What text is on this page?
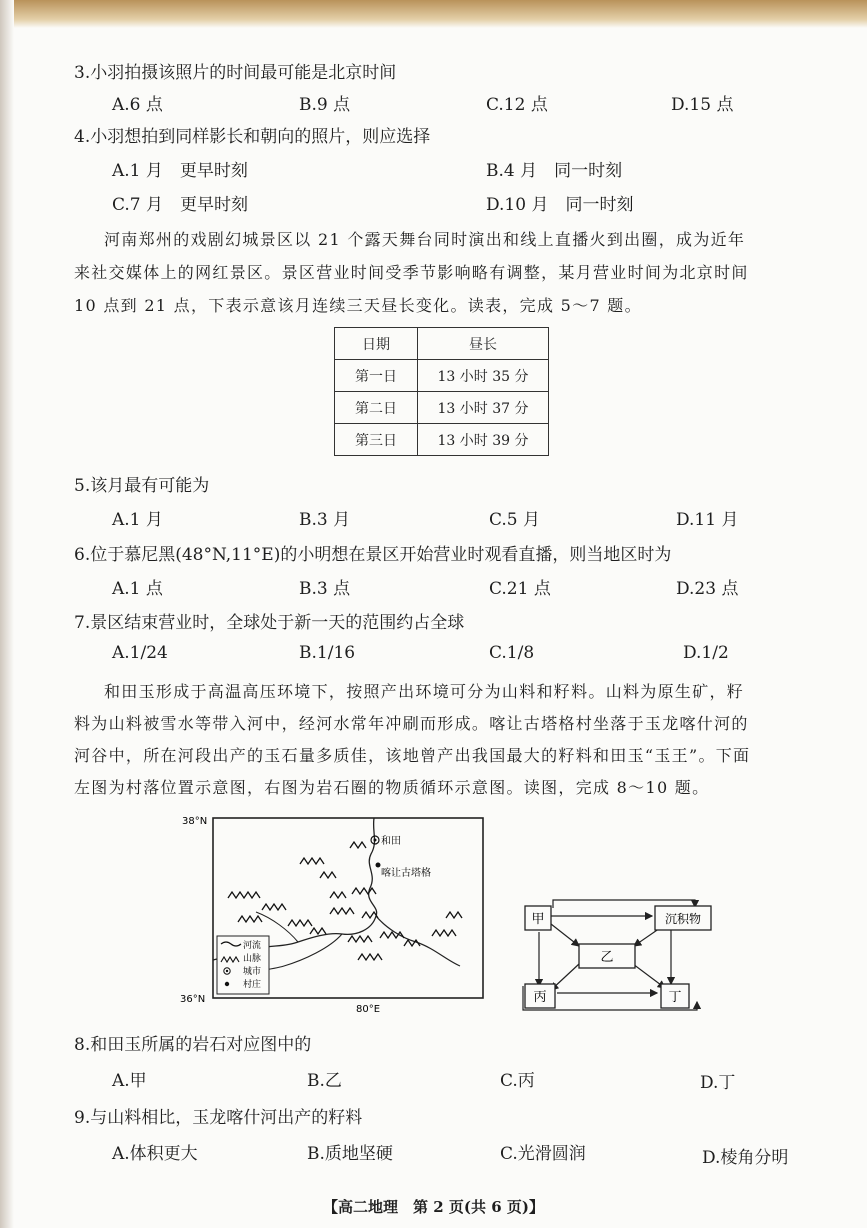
3.小羽拍摄该照片的时间最可能是北京时间
A.6 点	B.9 点	C.12 点	D.15 点
4.小羽想拍到同样影长和朝向的照片，则应选择
A.1 月　更早时刻	B.4 月　同一时刻
C.7 月　更早时刻	D.10 月　同一时刻
河南郑州的戏剧幻城景区以 21 个露天舞台同时演出和线上直播火到出圈，成为近年
来社交媒体上的网红景区。景区营业时间受季节影响略有调整，某月营业时间为北京时间
10 点到 21 点，下表示意该月连续三天昼长变化。读表，完成 5～7 题。
日期	昼长
第一日	13 小时 35 分
第二日	13 小时 37 分
第三日	13 小时 39 分
5.该月最有可能为
A.1 月	B.3 月	C.5 月	D.11 月
6.位于慕尼黑(48°N,11°E)的小明想在景区开始营业时观看直播，则当地区时为
A.1 点	B.3 点	C.21 点	D.23 点
7.景区结束营业时，全球处于新一天的范围约占全球
A.1/24	B.1/16	C.1/8	D.1/2
和田玉形成于高温高压环境下，按照产出环境可分为山料和籽料。山料为原生矿，籽
料为山料被雪水等带入河中，经河水常年冲刷而形成。喀让古塔格村坐落于玉龙喀什河的
河谷中，所在河段出产的玉石量多质佳，该地曾产出我国最大的籽料和田玉“玉王”。下面
左图为村落位置示意图，右图为岩石圈的物质循环示意图。读图，完成 8～10 题。
38°N
36°N
80°E
和田
喀让古塔格
河流
山脉
城市
村庄
甲	沉积物
乙
丙	丁
8.和田玉所属的岩石对应图中的
A.甲	B.乙	C.丙	D.丁
9.与山料相比，玉龙喀什河出产的籽料
A.体积更大	B.质地坚硬	C.光滑圆润	D.棱角分明
【高二地理　第 2 页(共 6 页)】
